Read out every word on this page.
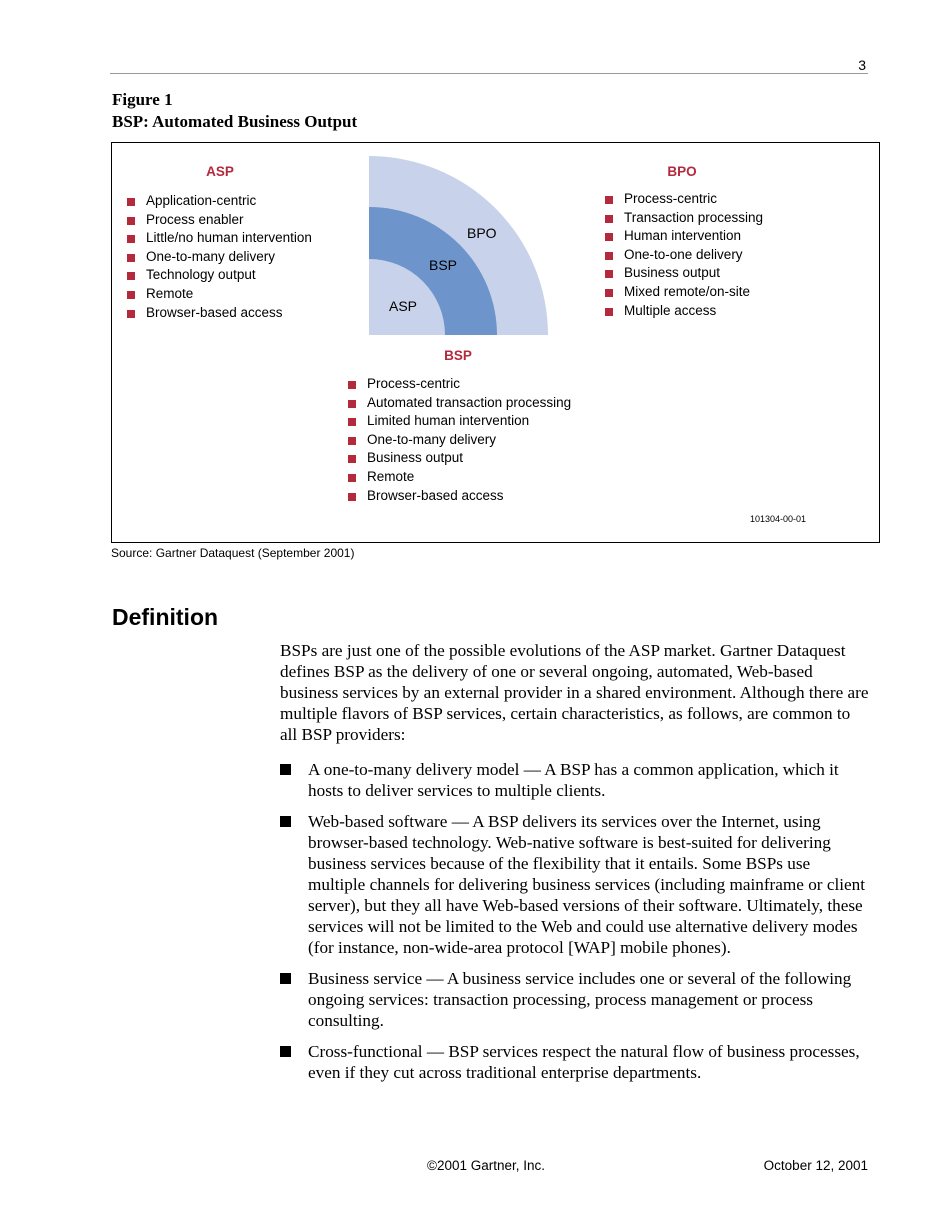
3
Figure 1
BSP: Automated Business Output
ASP
Application-centric
Process enabler
Little/no human intervention
One-to-many delivery
Technology output
Remote
Browser-based access
BPO
BSP
ASP
BPO
Process-centric
Transaction processing
Human intervention
One-to-one delivery
Business output
Mixed remote/on-site
Multiple access
BSP
Process-centric
Automated transaction processing
Limited human intervention
One-to-many delivery
Business output
Remote
Browser-based access
101304-00-01
Source: Gartner Dataquest (September 2001)
Definition

BSPs are just one of the possible evolutions of the ASP market. Gartner Dataquest defines BSP as the delivery of one or several ongoing, automated, Web-based business services by an external provider in a shared environment. Although there are multiple flavors of BSP services, certain characteristics, as follows, are common to all BSP providers:

A one-to-many delivery model — A BSP has a common application, which it hosts to deliver services to multiple clients.
Web-based software — A BSP delivers its services over the Internet, using browser-based technology. Web-native software is best-suited for delivering business services because of the flexibility that it entails. Some BSPs use multiple channels for delivering business services (including mainframe or client server), but they all have Web-based versions of their software. Ultimately, these services will not be limited to the Web and could use alternative delivery modes (for instance, non-wide-area protocol [WAP] mobile phones).
Business service — A business service includes one or several of the following ongoing services: transaction processing, process management or process consulting.
Cross-functional — BSP services respect the natural flow of business processes, even if they cut across traditional enterprise departments.
©2001 Gartner, Inc.	October 12, 2001
